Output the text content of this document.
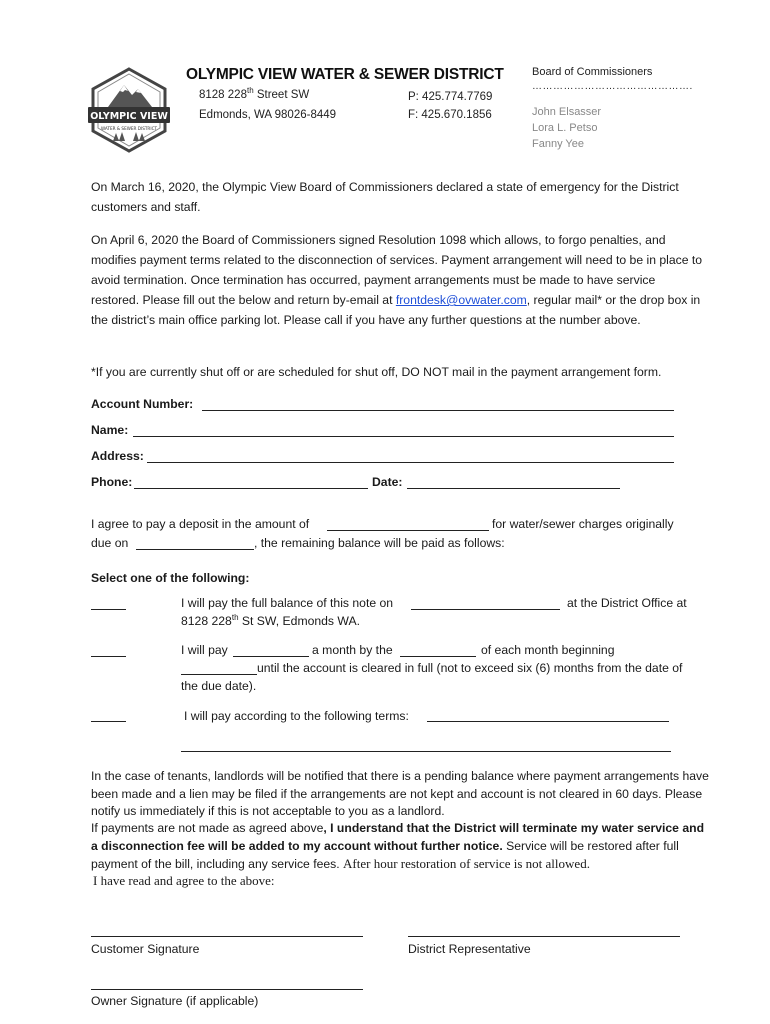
OLYMPIC VIEW
WATER & SEWER DISTRICT
OLYMPIC VIEW WATER & SEWER DISTRICT
8128 228th Street SW
Edmonds, WA 98026-8449
P: 425.774.7769
F: 425.670.1856
Board of Commissioners
……………………………………….
John Elsasser
Lora L. Petso
Fanny Yee
On March 16, 2020, the Olympic View Board of Commissioners declared a state of emergency for the District customers and staff.
On April 6, 2020 the Board of Commissioners signed Resolution 1098 which allows, to forgo penalties, and modifies payment terms related to the disconnection of services. Payment arrangement will need to be in place to avoid termination. Once termination has occurred, payment arrangements must be made to have service restored. Please fill out the below and return by-email at frontdesk@ovwater.com, regular mail* or the drop box in the district’s main office parking lot. Please call if you have any further questions at the number above.
*If you are currently shut off or are scheduled for shut off, DO NOT mail in the payment arrangement form.
Account Number:
Name:
Address:
Phone:	Date:
I agree to pay a deposit in the amount of	for water/sewer charges originally
due on	, the remaining balance will be paid as follows:
Select one of the following:
I will pay the full balance of this note on	at the District Office at
8128 228th St SW, Edmonds WA.
I will pay	a month by the	of each month beginning
until the account is cleared in full (not to exceed six (6) months from the date of
the due date).
I will pay according to the following terms:
In the case of tenants, landlords will be notified that there is a pending balance where payment arrangements have been made and a lien may be filed if the arrangements are not kept and account is not cleared in 60 days. Please notify us immediately if this is not acceptable to you as a landlord.
If payments are not made as agreed above, I understand that the District will terminate my water service and a disconnection fee will be added to my account without further notice. Service will be restored after full payment of the bill, including any service fees. After hour restoration of service is not allowed.
I have read and agree to the above:
Customer Signature	District Representative
Owner Signature (if applicable)
